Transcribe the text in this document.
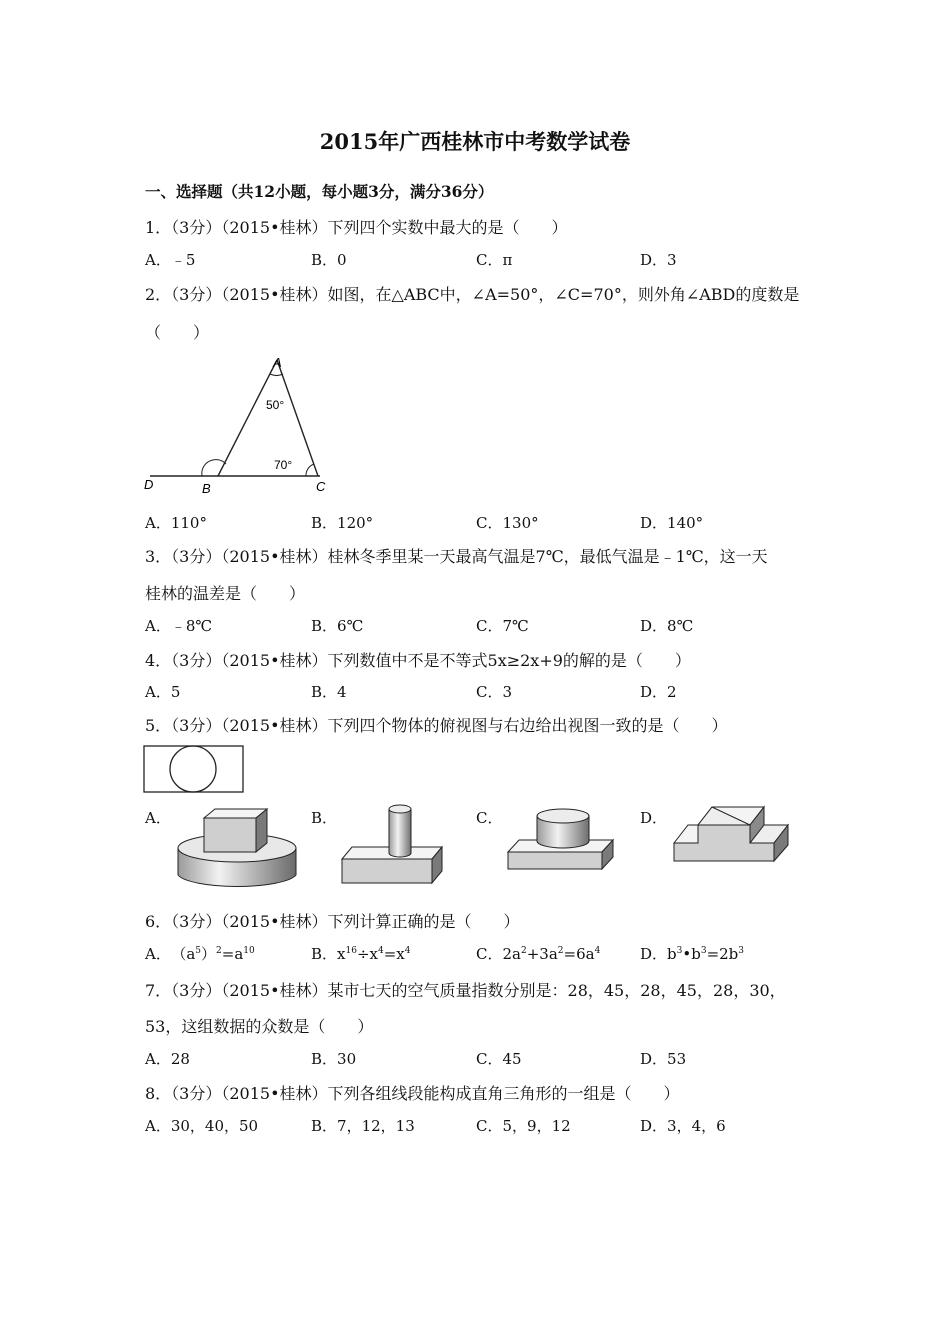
2015年广西桂林市中考数学试卷
一、选择题（共12小题，每小题3分，满分36分）
1．（3分）（2015•桂林）下列四个实数中最大的是（　　）
A．﹣5	B．0	C．π	D．3
2．（3分）（2015•桂林）如图，在△ABC中，∠A=50°，∠C=70°，则外角∠ABD的度数是
（　　）
A
B	C
D
50°
70°
A．110°	B．120°	C．130°	D．140°
3．（3分）（2015•桂林）桂林冬季里某一天最高气温是7℃，最低气温是﹣1℃，这一天
桂林的温差是（　　）
A．﹣8℃	B．6℃	C．7℃	D．8℃
4．（3分）（2015•桂林）下列数值中不是不等式5x≥2x+9的解的是（　　）
A．5	B．4	C．3	D．2
5．（3分）（2015•桂林）下列四个物体的俯视图与右边给出视图一致的是（　　）
A．	B．	C．	D．
6．（3分）（2015•桂林）下列计算正确的是（　　）
A． $(a^5)^2=a^{10}$	B．$x^{16}\div x^4=x^4$	C．$2a^2+3a^2=6a^4$	D．$b^3•b^3=2b^3$
7．（3分）（2015•桂林）某市七天的空气质量指数分别是：28，45，28，45，28，30，
53，这组数据的众数是（　　）
A．28	B．30	C．45	D．53
8．（3分）（2015•桂林）下列各组线段能构成直角三角形的一组是（　　）
A．30，40，50	B．7，12，13	C．5，9，12	D．3，4，6
